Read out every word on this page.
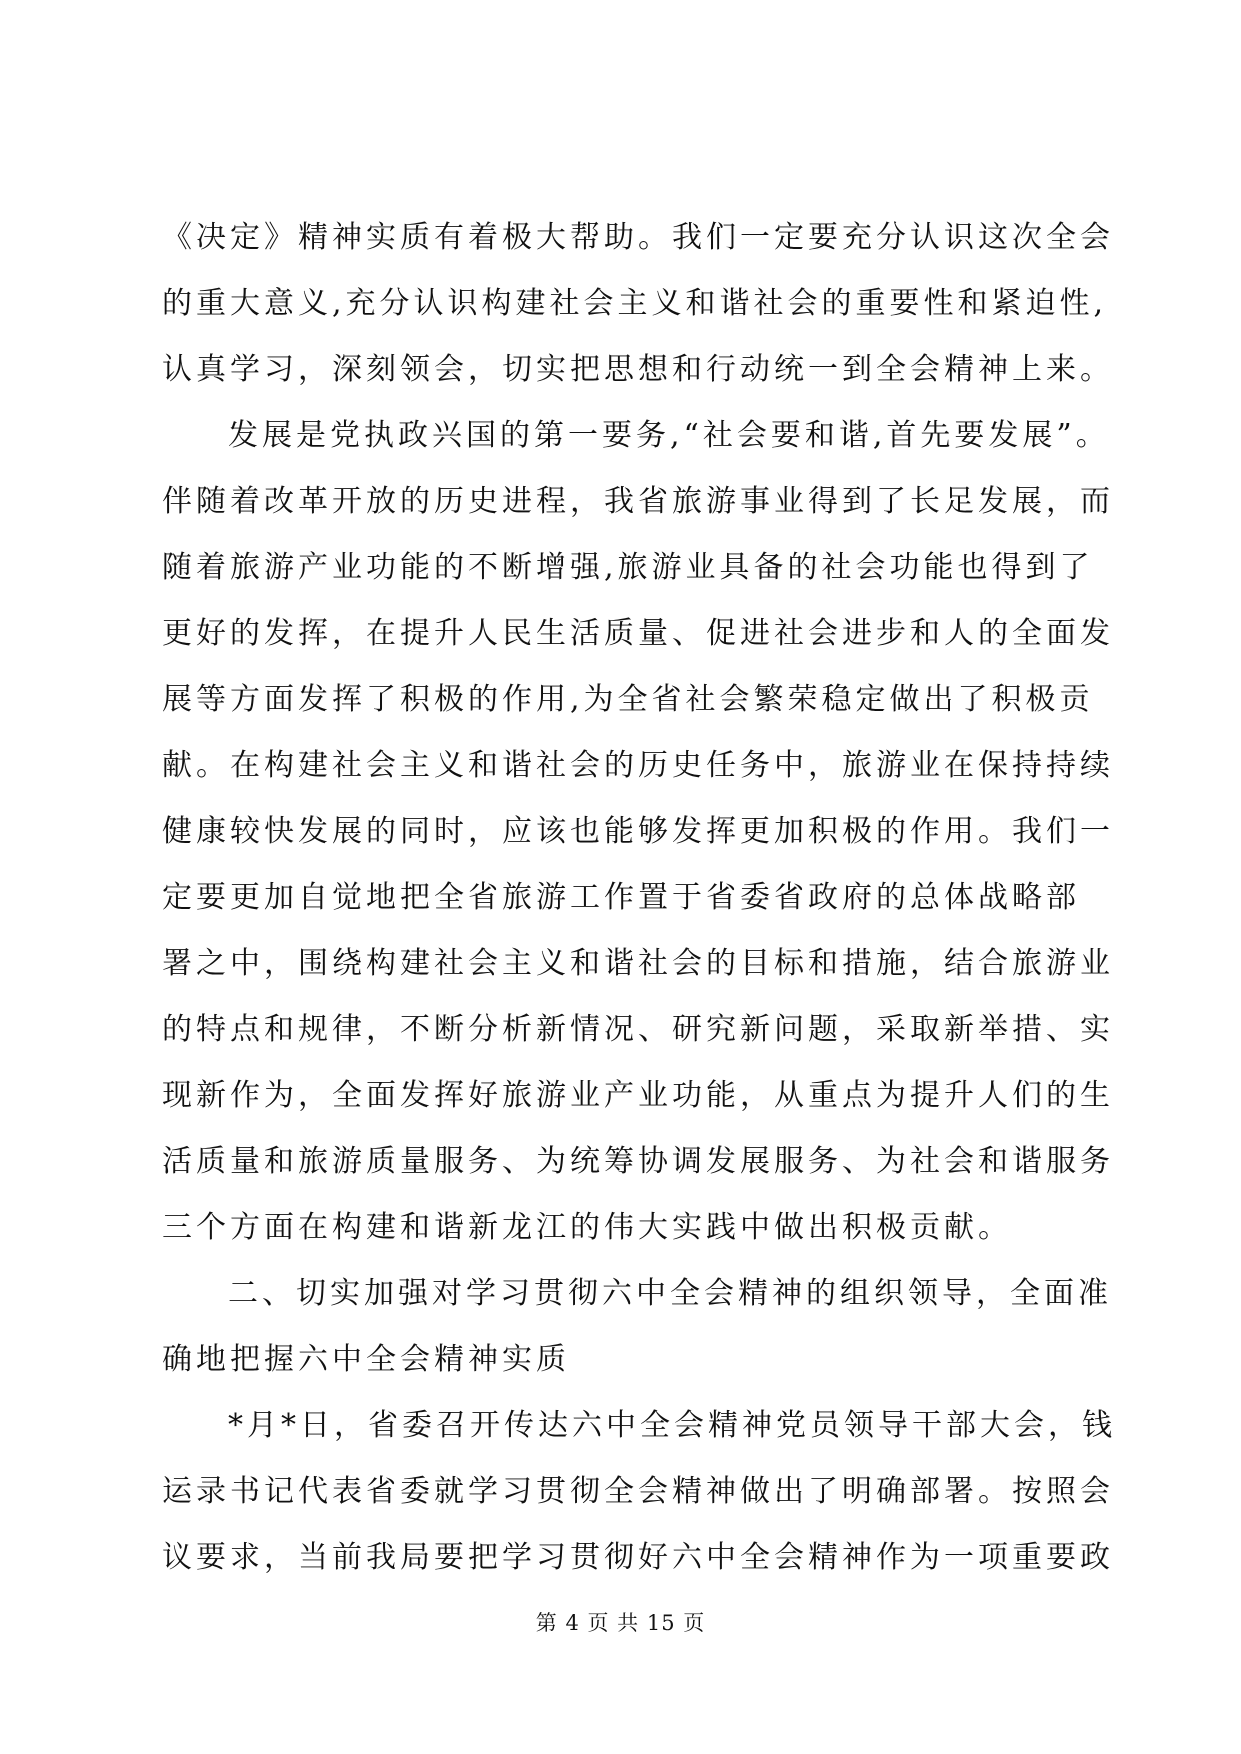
《决定》精神实质有着极大帮助。我们一定要充分认识这次全会
的重大意义,充分认识构建社会主义和谐社会的重要性和紧迫性,
认真学习，深刻领会，切实把思想和行动统一到全会精神上来。
发展是党执政兴国的第一要务,“社会要和谐,首先要发展”。
伴随着改革开放的历史进程，我省旅游事业得到了长足发展，而
随着旅游产业功能的不断增强,旅游业具备的社会功能也得到了
更好的发挥，在提升人民生活质量、促进社会进步和人的全面发
展等方面发挥了积极的作用,为全省社会繁荣稳定做出了积极贡
献。在构建社会主义和谐社会的历史任务中，旅游业在保持持续
健康较快发展的同时，应该也能够发挥更加积极的作用。我们一
定要更加自觉地把全省旅游工作置于省委省政府的总体战略部
署之中，围绕构建社会主义和谐社会的目标和措施，结合旅游业
的特点和规律，不断分析新情况、研究新问题，采取新举措、实
现新作为，全面发挥好旅游业产业功能，从重点为提升人们的生
活质量和旅游质量服务、为统筹协调发展服务、为社会和谐服务
三个方面在构建和谐新龙江的伟大实践中做出积极贡献。
二、切实加强对学习贯彻六中全会精神的组织领导，全面准
确地把握六中全会精神实质
*月*日，省委召开传达六中全会精神党员领导干部大会，钱
运录书记代表省委就学习贯彻全会精神做出了明确部署。按照会
议要求，当前我局要把学习贯彻好六中全会精神作为一项重要政
第 4 页 共 15 页
